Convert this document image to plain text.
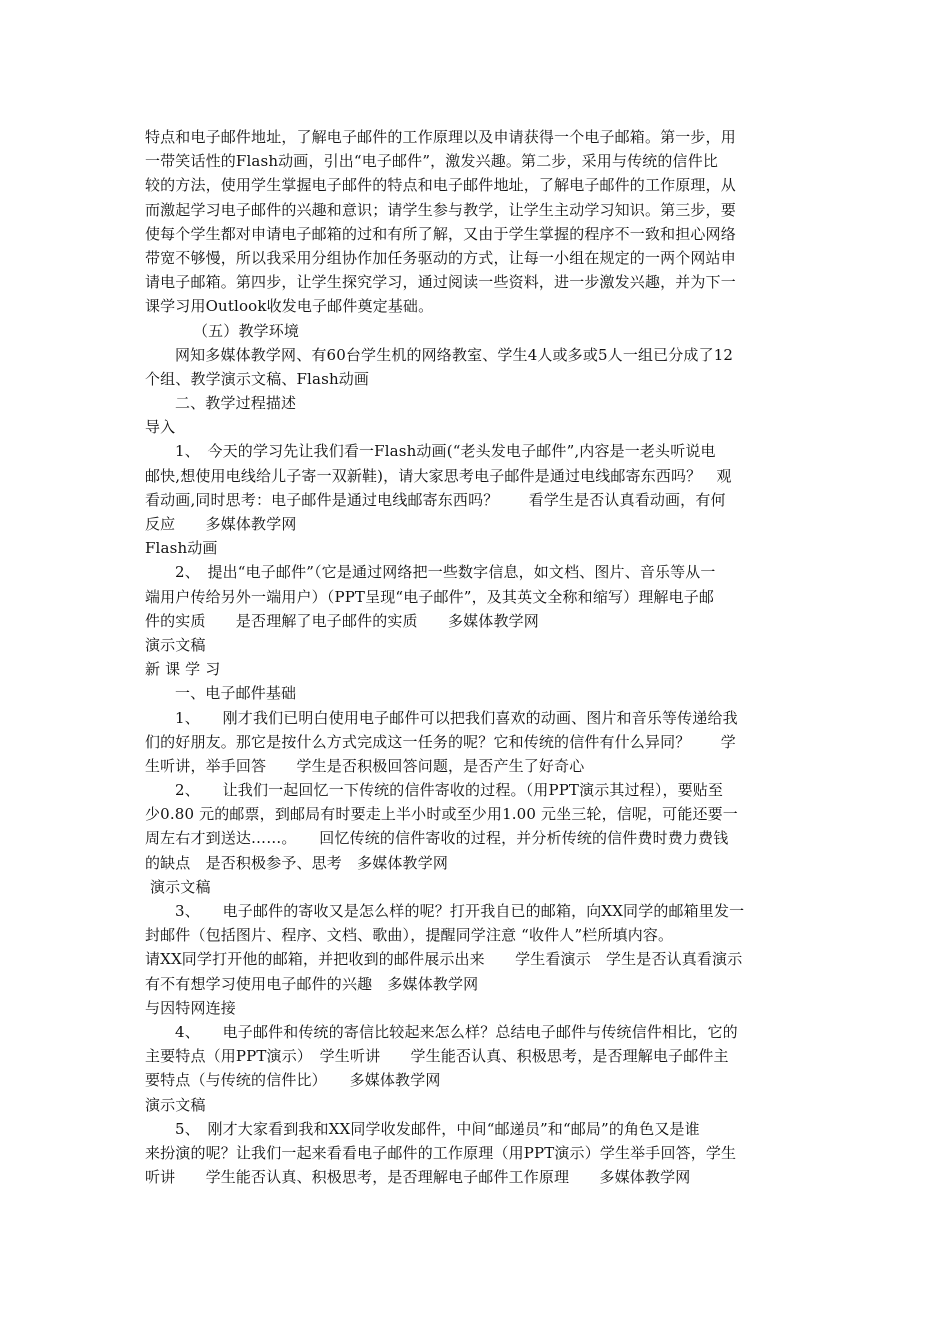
特点和电子邮件地址，了解电子邮件的工作原理以及申请获得一个电子邮箱。第一步，用
一带笑话性的Flash动画，引出“电子邮件”，激发兴趣。第二步，采用与传统的信件比
较的方法，使用学生掌握电子邮件的特点和电子邮件地址，了解电子邮件的工作原理，从
而激起学习电子邮件的兴趣和意识；请学生参与教学，让学生主动学习知识。第三步，要
使每个学生都对申请电子邮箱的过和有所了解，又由于学生掌握的程序不一致和担心网络
带宽不够慢，所以我采用分组协作加任务驱动的方式，让每一小组在规定的一两个网站申
请电子邮箱。第四步，让学生探究学习，通过阅读一些资料，进一步激发兴趣，并为下一
课学习用Outlook收发电子邮件奠定基础。
（五）教学环境
网知多媒体教学网、有60台学生机的网络教室、学生4人或多或5人一组已分成了12
个组、教学演示文稿、Flash动画
二、教学过程描述
导入
1、　今天的学习先让我们看一Flash动画(“老头发电子邮件”,内容是一老头听说电
邮快,想使用电线给儿子寄一双新鞋)，请大家思考电子邮件是通过电线邮寄东西吗？　观
看动画,同时思考：电子邮件是通过电线邮寄东西吗？　　看学生是否认真看动画，有何
反应　　多媒体教学网
Flash动画
2、　提出“电子邮件”（它是通过网络把一些数字信息，如文档、图片、音乐等从一
端用户传给另外一端用户）（PPT呈现“电子邮件”，及其英文全称和缩写）理解电子邮
件的实质　　是否理解了电子邮件的实质　　多媒体教学网
演示文稿
新 课 学 习
一、电子邮件基础
1、　　刚才我们已明白使用电子邮件可以把我们喜欢的动画、图片和音乐等传递给我
们的好朋友。那它是按什么方式完成这一任务的呢？它和传统的信件有什么异同？　　学
生听讲，举手回答　　学生是否积极回答问题，是否产生了好奇心
2、　　让我们一起回忆一下传统的信件寄收的过程。（用PPT演示其过程），要贴至
少0.80 元的邮票，到邮局有时要走上半小时或至少用1.00 元坐三轮，信呢，可能还要一
周左右才到送达……。　　回忆传统的信件寄收的过程，并分析传统的信件费时费力费钱
的缺点　是否积极参予、思考　多媒体教学网
演示文稿
3、　　电子邮件的寄收又是怎么样的呢？打开我自已的邮箱，向XX同学的邮箱里发一
封邮件（包括图片、程序、文档、歌曲），提醒同学注意 “收件人”栏所填内容。
请XX同学打开他的邮箱，并把收到的邮件展示出来　　学生看演示　学生是否认真看演示
有不有想学习使用电子邮件的兴趣　多媒体教学网
与因特网连接
4、　　电子邮件和传统的寄信比较起来怎么样？总结电子邮件与传统信件相比，它的
主要特点（用PPT演示）　学生听讲　　学生能否认真、积极思考，是否理解电子邮件主
要特点（与传统的信件比）　　多媒体教学网
演示文稿
5、　刚才大家看到我和XX同学收发邮件，中间“邮递员”和“邮局”的角色又是谁
来扮演的呢？让我们一起来看看电子邮件的工作原理（用PPT演示）学生举手回答，学生
听讲　　学生能否认真、积极思考，是否理解电子邮件工作原理　　多媒体教学网
